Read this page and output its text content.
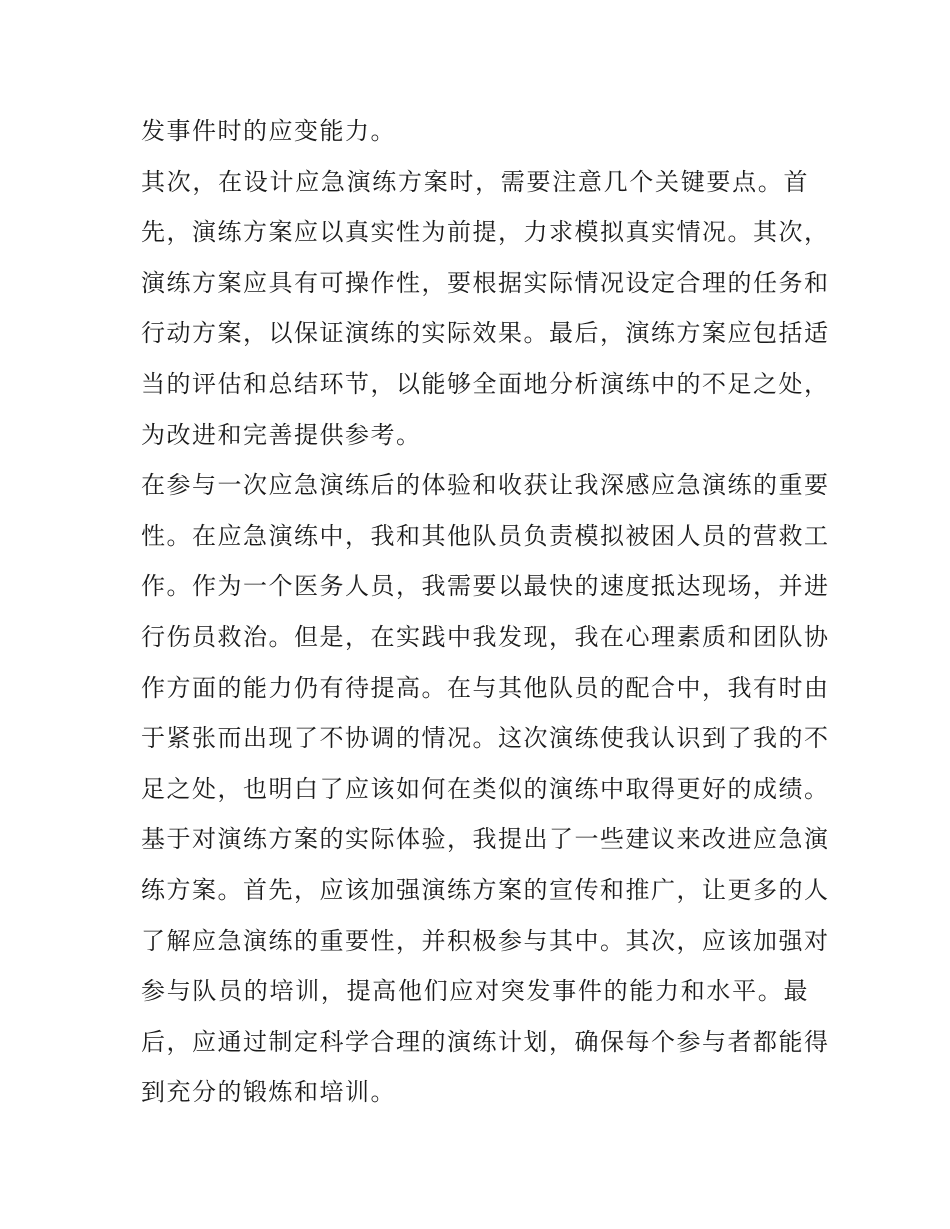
发事件时的应变能力。
其次，在设计应急演练方案时，需要注意几个关键要点。首
先，演练方案应以真实性为前提，力求模拟真实情况。其次，
演练方案应具有可操作性，要根据实际情况设定合理的任务和
行动方案，以保证演练的实际效果。最后，演练方案应包括适
当的评估和总结环节，以能够全面地分析演练中的不足之处，
为改进和完善提供参考。
在参与一次应急演练后的体验和收获让我深感应急演练的重要
性。在应急演练中，我和其他队员负责模拟被困人员的营救工
作。作为一个医务人员，我需要以最快的速度抵达现场，并进
行伤员救治。但是，在实践中我发现，我在心理素质和团队协
作方面的能力仍有待提高。在与其他队员的配合中，我有时由
于紧张而出现了不协调的情况。这次演练使我认识到了我的不
足之处，也明白了应该如何在类似的演练中取得更好的成绩。
基于对演练方案的实际体验，我提出了一些建议来改进应急演
练方案。首先，应该加强演练方案的宣传和推广，让更多的人
了解应急演练的重要性，并积极参与其中。其次，应该加强对
参与队员的培训，提高他们应对突发事件的能力和水平。最
后，应通过制定科学合理的演练计划，确保每个参与者都能得
到充分的锻炼和培训。
